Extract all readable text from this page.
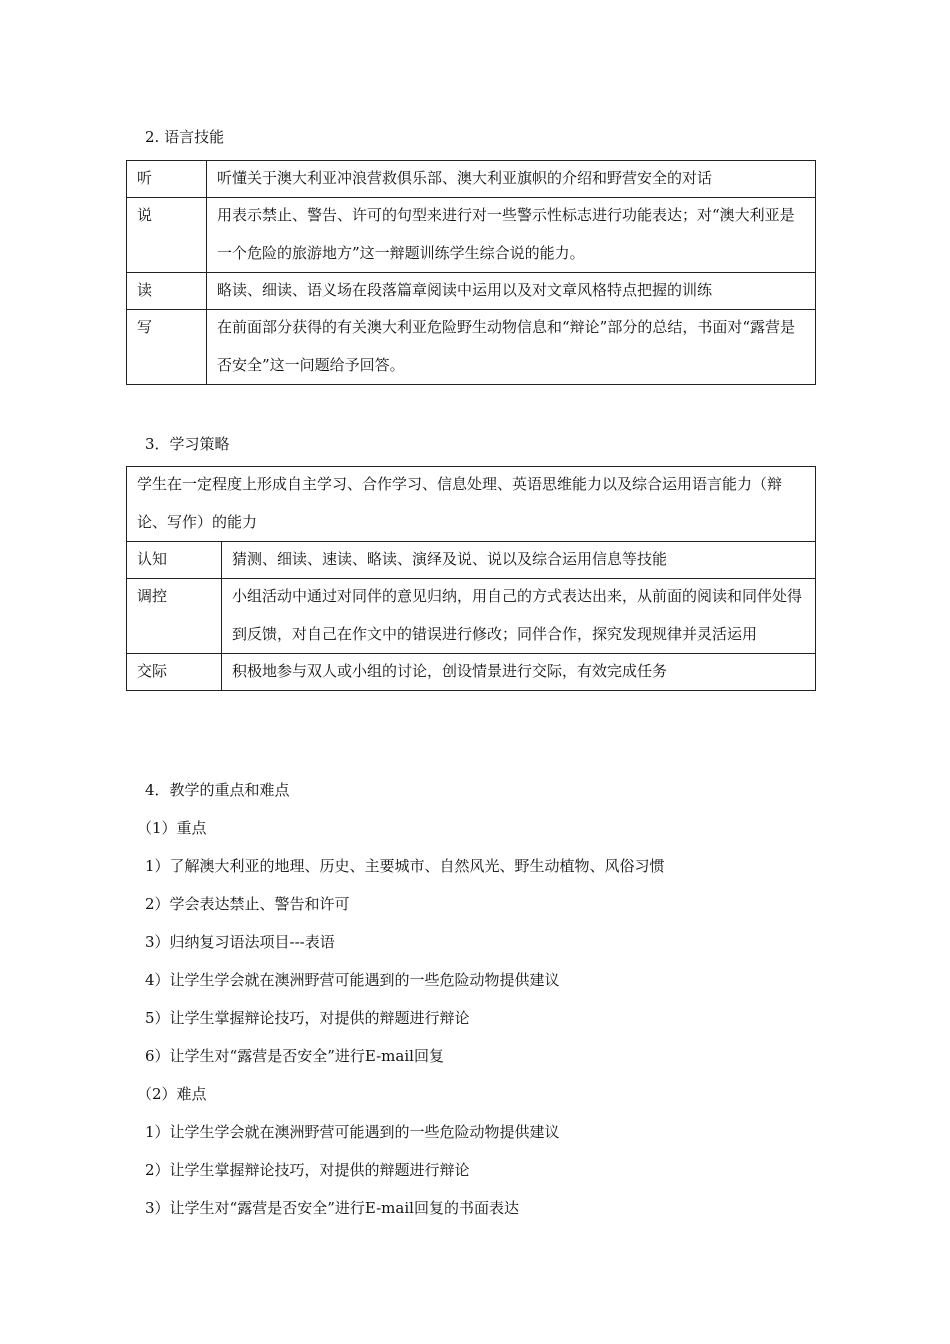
2. 语言技能
听	听懂关于澳大利亚冲浪营救俱乐部、澳大利亚旗帜的介绍和野营安全的对话

说	用表示禁止、警告、许可的句型来进行对一些警示性标志进行功能表达；对“澳大利亚是一个危险的旅游地方”这一辩题训练学生综合说的能力。

读	略读、细读、语义场在段落篇章阅读中运用以及对文章风格特点把握的训练

写	在前面部分获得的有关澳大利亚危险野生动物信息和“辩论”部分的总结，书面对“露营是否安全”这一问题给予回答。
3．学习策略
学生在一定程度上形成自主学习、合作学习、信息处理、英语思维能力以及综合运用语言能力（辩论、写作）的能力	

认知	猜测、细读、速读、略读、演绎及说、说以及综合运用信息等技能

调控	小组活动中通过对同伴的意见归纳，用自己的方式表达出来，从前面的阅读和同伴处得到反馈，对自己在作文中的错误进行修改；同伴合作，探究发现规律并灵活运用

交际	积极地参与双人或小组的讨论，创设情景进行交际，有效完成任务
4．教学的重点和难点
（1）重点
1）了解澳大利亚的地理、历史、主要城市、自然风光、野生动植物、风俗习惯
2）学会表达禁止、警告和许可
3）归纳复习语法项目---表语
4）让学生学会就在澳洲野营可能遇到的一些危险动物提供建议
5）让学生掌握辩论技巧，对提供的辩题进行辩论
6）让学生对“露营是否安全”进行E-mail回复
（2）难点
1）让学生学会就在澳洲野营可能遇到的一些危险动物提供建议
2）让学生掌握辩论技巧，对提供的辩题进行辩论
3）让学生对“露营是否安全”进行E-mail回复的书面表达
